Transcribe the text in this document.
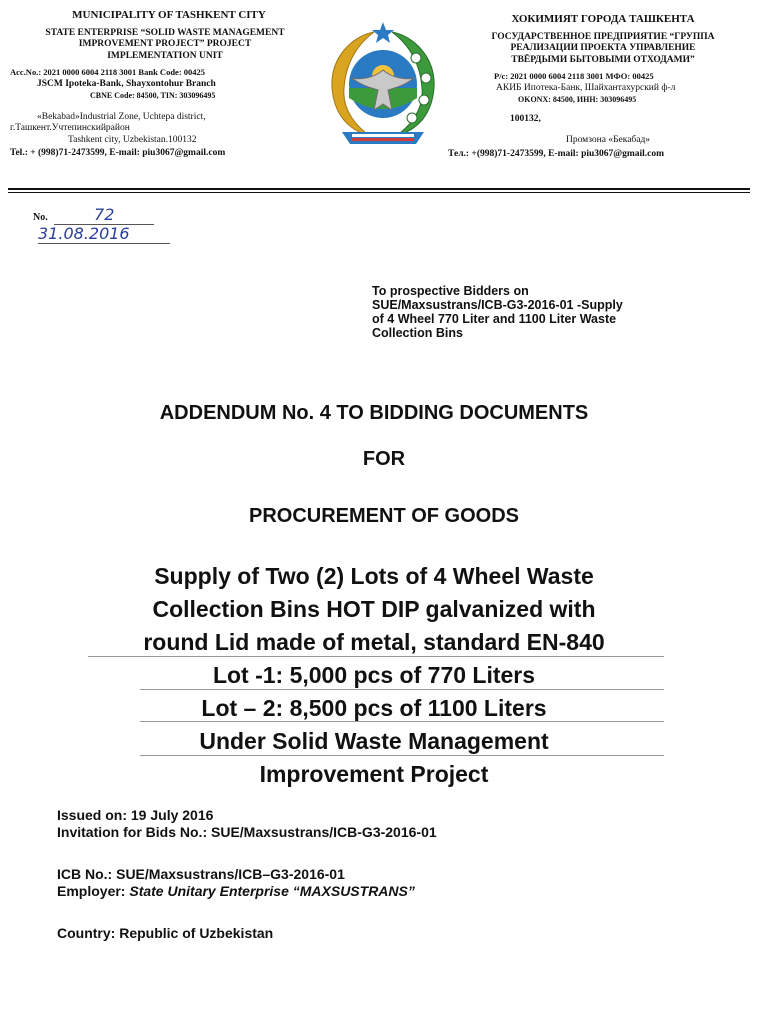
MUNICIPALITY OF TASHKENT CITY
STATE ENTERPRISE “SOLID WASTE MANAGEMENT
IMPROVEMENT PROJECT” PROJECT
IMPLEMENTATION UNIT
Acc.No.: 2021 0000 6004 2118 3001 Bank Code: 00425
JSCM Ipoteka-Bank, Shayxontohur Branch
CBNE Code: 84500, TIN: 303096495
«Bekabad»Industrial Zone, Uchtepa district,
г.Ташкент.Учтепинскийрайон
Tashkent city, Uzbekistan.100132
Tel.: + (998)71-2473599, E-mail: piu3067@gmail.com
ХОКИМИЯТ ГОРОДА ТАШКЕНТА
ГОСУДАРСТВЕННОЕ ПРЕДПРИЯТИЕ “ГРУППА
РЕАЛИЗАЦИИ ПРОЕКТА УПРАВЛЕНИЕ
ТВЁРДЫМИ БЫТОВЫМИ ОТХОДАМИ”
Р/с: 2021 0000 6004 2118 3001 МФО: 00425
АКИБ Ипотека-Банк, Шайхантахурский ф-л
OKONX: 84500, ИНН: 303096495
100132,
Промзона «Бекабад»
Тел.: +(998)71-2473599, E-mail: piu3067@gmail.com
No.	72
31.08.2016
To prospective Bidders on
SUE/Maxsustrans/ICB-G3-2016-01 -Supply
of 4 Wheel 770 Liter and 1100 Liter Waste
Collection Bins
ADDENDUM No. 4 TO BIDDING DOCUMENTS
FOR
PROCUREMENT OF GOODS
Supply of Two (2) Lots of 4 Wheel Waste
Collection Bins HOT DIP galvanized with
round Lid made of metal, standard EN-840
Lot -1: 5,000 pcs of 770 Liters
Lot – 2: 8,500 pcs of 1100 Liters
Under Solid Waste Management
Improvement Project
Issued on: 19 July 2016
Invitation for Bids No.: SUE/Maxsustrans/ICB-G3-2016-01
ICB No.: SUE/Maxsustrans/ICB–G3-2016-01
Employer: State Unitary Enterprise “MAXSUSTRANS”
Country: Republic of Uzbekistan
